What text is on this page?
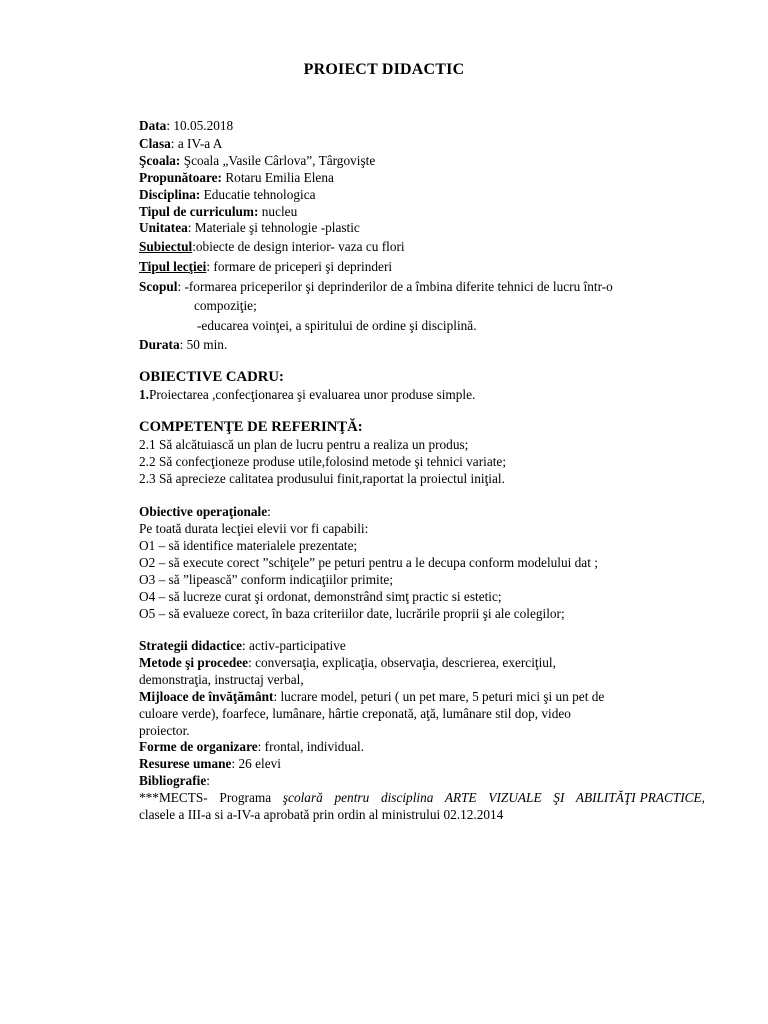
PROIECT DIDACTIC
Data: 10.05.2018
Clasa: a IV-a A
Şcoala: Şcoala „Vasile Cârlova”, Târgovişte
Propunătoare: Rotaru Emilia Elena
Disciplina: Educatie tehnologica
Tipul de curriculum: nucleu
Unitatea: Materiale şi tehnologie -plastic
Subiectul:obiecte de design interior- vaza cu flori
Tipul lecţiei: formare de priceperi şi deprinderi
Scopul: -formarea priceperilor şi deprinderilor de a îmbina diferite tehnici de lucru într-o
compoziţie;
-educarea voinţei, a spiritului de ordine şi disciplină.
Durata: 50 min.
OBIECTIVE CADRU:
1.Proiectarea ,confecţionarea şi evaluarea unor produse simple.
COMPETENŢE DE REFERINŢĂ:
2.1 Să alcătuiască un plan de lucru pentru a realiza un produs;
2.2 Să confecţioneze produse utile,folosind metode şi tehnici variate;
2.3 Să aprecieze calitatea produsului finit,raportat la proiectul iniţial.
Obiective operaţionale:
Pe toată durata lecţiei elevii vor fi capabili:
O1 – să identifice materialele prezentate;
O2 – să execute corect ”schiţele” pe peturi pentru a le decupa conform modelului dat ;
O3 – să ”lipească” conform indicaţiilor primite;
O4 – să lucreze curat şi ordonat, demonstrând simţ practic si estetic;
O5 – să evalueze corect, în baza criteriilor date, lucrările proprii şi ale colegilor;
Strategii didactice: activ-participative
Metode şi procedee: conversaţia, explicaţia, observaţia, descrierea, exerciţiul,
demonstraţia, instructaj verbal,
Mijloace de învăţământ: lucrare model, peturi ( un pet mare, 5 peturi mici şi un pet de
culoare verde), foarfece, lumânare, hârtie creponată, aţă, lumânare stil dop, video
proiector.
Forme de organizare: frontal, individual.
Resurese umane: 26 elevi
Bibliografie:
***MECTS-   Programa   şcolară   pentru   disciplina   ARTE   VIZUALE   ŞI   ABILITĂŢI PRACTICE, clasele a III-a si a-IV-a aprobată prin ordin al ministrului 02.12.2014
